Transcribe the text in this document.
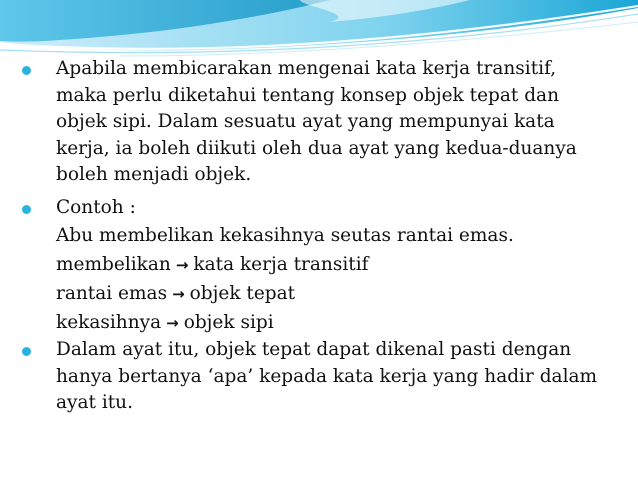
Apabila membicarakan mengenai kata kerja transitif, maka perlu diketahui tentang konsep objek tepat dan objek sipi. Dalam sesuatu ayat yang mempunyai kata kerja, ia boleh diikuti oleh dua ayat yang kedua-duanya boleh menjadi objek.

Contoh :

Abu membelikan kekasihnya seutas rantai emas.
membelikan → kata kerja transitif
rantai emas → objek tepat
kekasihnya → objek sipi

Dalam ayat itu, objek tepat dapat dikenal pasti dengan hanya bertanya ‘apa’ kepada kata kerja yang hadir dalam ayat itu.
